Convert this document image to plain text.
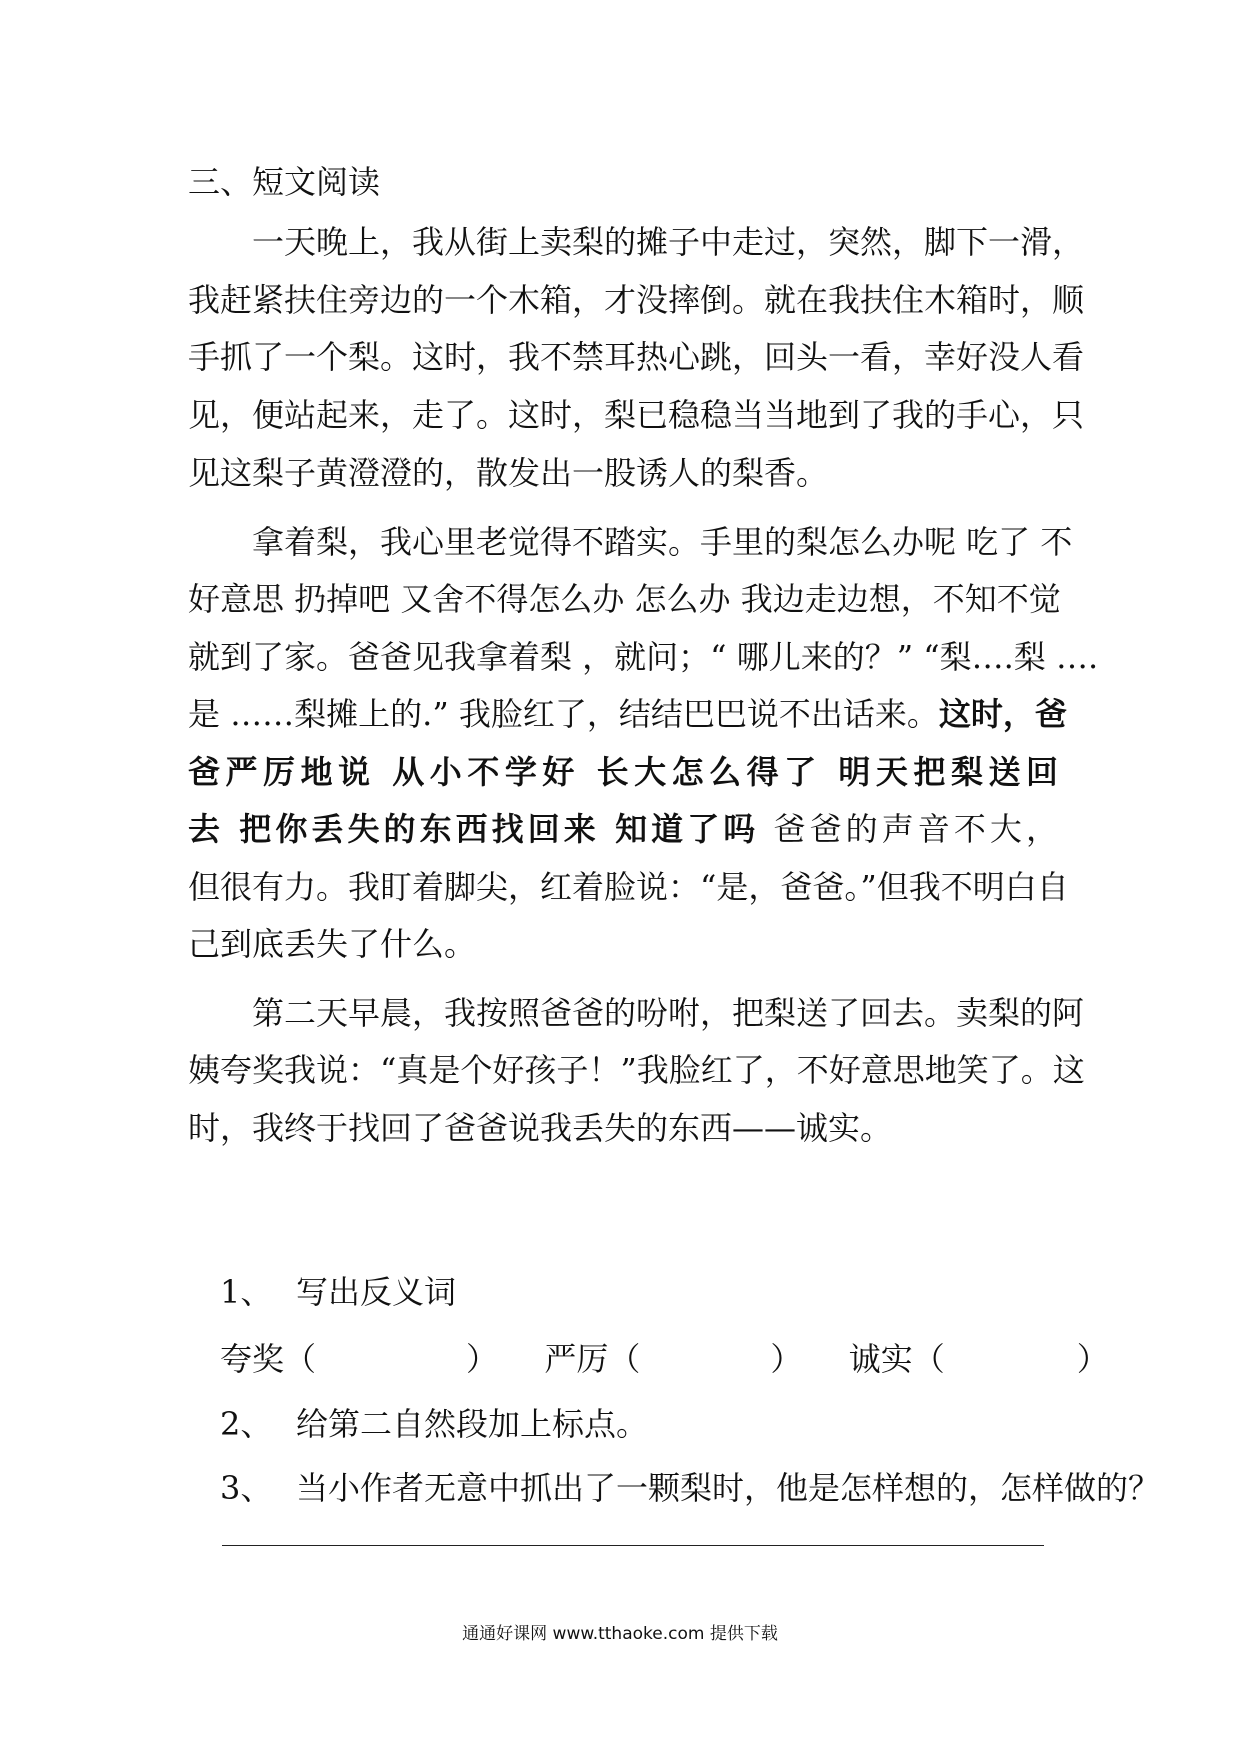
三、短文阅读
　　一天晚上，我从街上卖梨的摊子中走过，突然，脚下一滑，
我赶紧扶住旁边的一个木箱，才没摔倒。就在我扶住木箱时，顺
手抓了一个梨。这时，我不禁耳热心跳，回头一看，幸好没人看
见，便站起来，走了。这时，梨已稳稳当当地到了我的手心，只
见这梨子黄澄澄的，散发出一股诱人的梨香。
　　拿着梨，我心里老觉得不踏实。手里的梨怎么办呢 吃了 不
好意思 扔掉吧 又舍不得怎么办 怎么办 我边走边想，不知不觉
就到了家。爸爸见我拿着梨 ，就问；“ 哪儿来的？” “梨….梨 ….
是 ……梨摊上的.” 我脸红了，结结巴巴说不出话来。这时，爸
爸严厉地说 从小不学好 长大怎么得了 明天把梨送回
去 把你丢失的东西找回来 知道了吗 爸爸的声音不大，
但很有力。我盯着脚尖，红着脸说：“是，爸爸。”但我不明白自
己到底丢失了什么。
　　第二天早晨，我按照爸爸的吩咐，把梨送了回去。卖梨的阿
姨夸奖我说：“真是个好孩子！”我脸红了，不好意思地笑了。这
时，我终于找回了爸爸说我丢失的东西——诚实。
1、 写出反义词
夸奖（	） 严厉（	） 诚实（	）
2、 给第二自然段加上标点。
3、 当小作者无意中抓出了一颗梨时，他是怎样想的，怎样做的？
通通好课网 www.tthaoke.com 提供下载
